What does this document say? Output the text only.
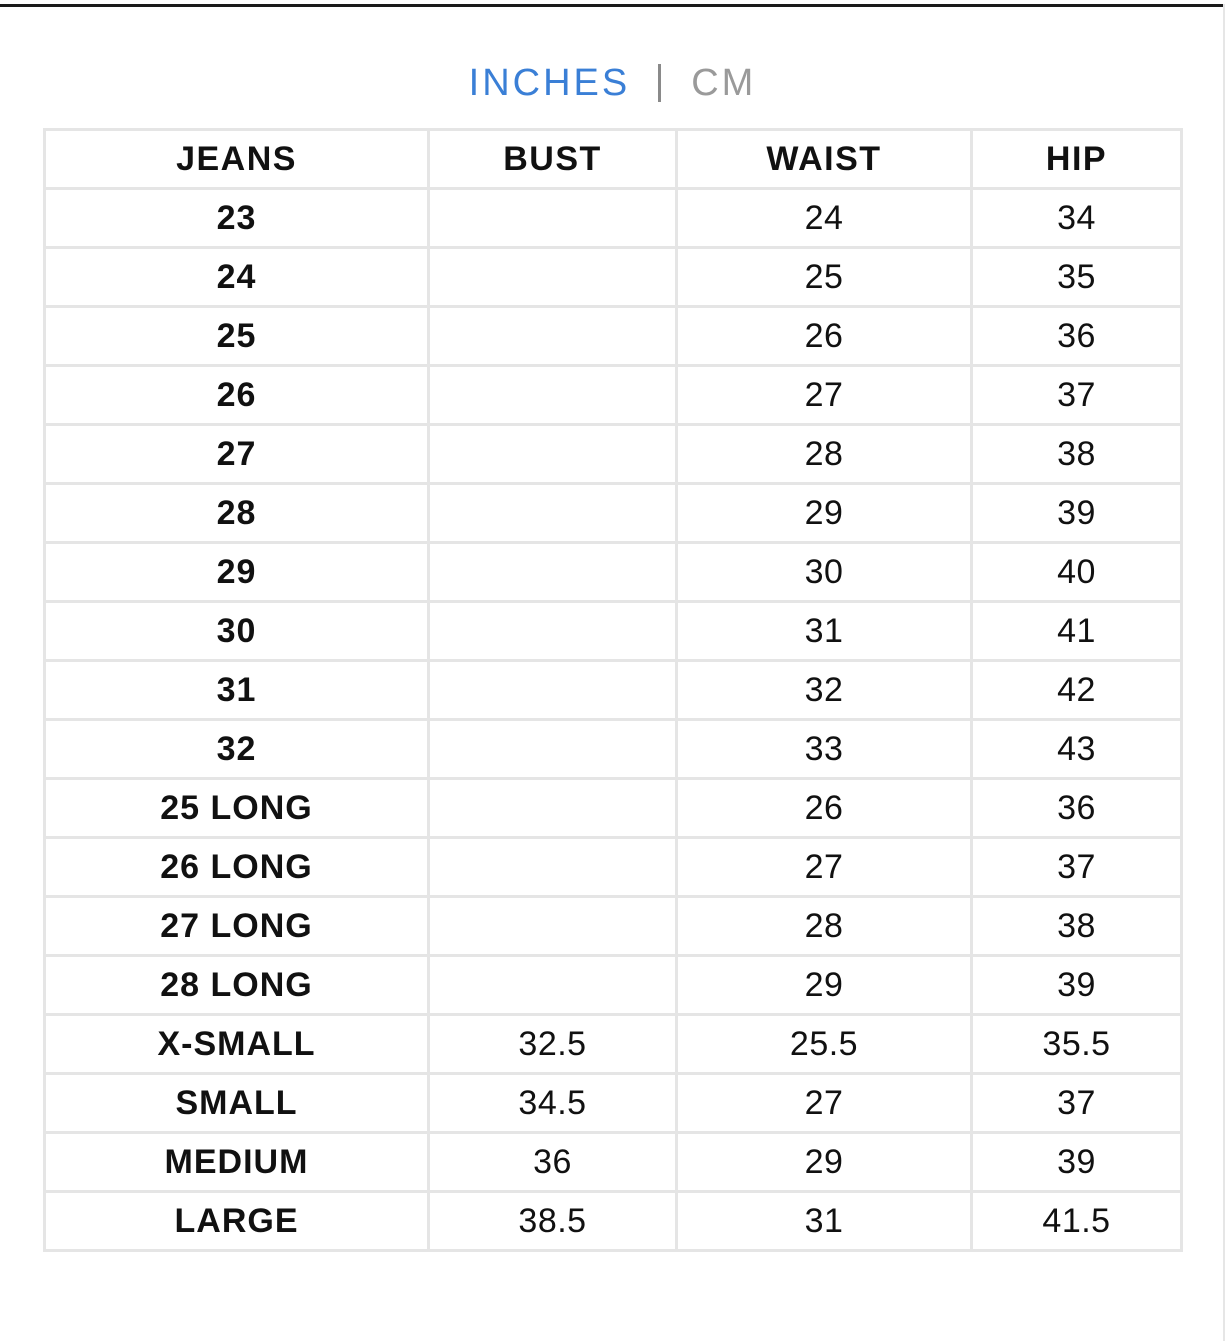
INCHES CM
JEANS	BUST	WAIST	HIP
23		24	34
24		25	35
25		26	36
26		27	37
27		28	38
28		29	39
29		30	40
30		31	41
31		32	42
32		33	43
25 LONG		26	36
26 LONG		27	37
27 LONG		28	38
28 LONG		29	39
X-SMALL	32.5	25.5	35.5
SMALL	34.5	27	37
MEDIUM	36	29	39
LARGE	38.5	31	41.5
